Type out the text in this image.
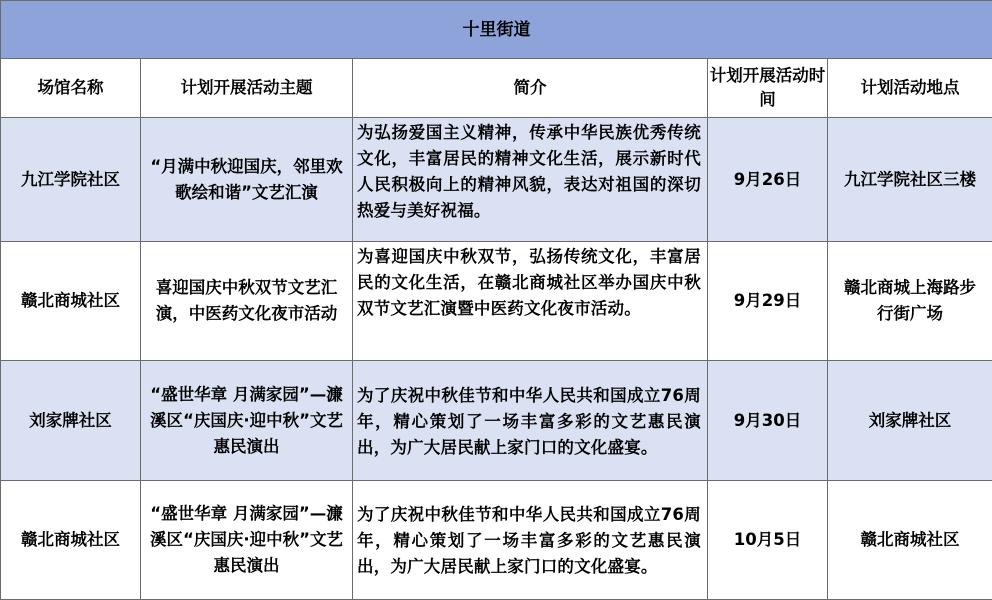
十里街道				
场馆名称	计划开展活动主题	简介	计划开展活动时间	计划活动地点
九江学院社区	“月满中秋迎国庆，邻里欢歌绘和谐”文艺汇演	为弘扬爱国主义精神，传承中华民族优秀传统文化，丰富居民的精神文化生活，展示新时代人民积极向上的精神风貌，表达对祖国的深切热爱与美好祝福。	9月26日	九江学院社区三楼
赣北商城社区	喜迎国庆中秋双节文艺汇演，中医药文化夜市活动	为喜迎国庆中秋双节，弘扬传统文化，丰富居民的文化生活，在赣北商城社区举办国庆中秋双节文艺汇演暨中医药文化夜市活动。	9月29日	赣北商城上海路步行街广场
刘家牌社区	“盛世华章 月满家园”—濂溪区“庆国庆·迎中秋”文艺惠民演出	为了庆祝中秋佳节和中华人民共和国成立76周年，精心策划了一场丰富多彩的文艺惠民演出，为广大居民献上家门口的文化盛宴。	9月30日	刘家牌社区
赣北商城社区	“盛世华章 月满家园”—濂溪区“庆国庆·迎中秋”文艺惠民演出	为了庆祝中秋佳节和中华人民共和国成立76周年，精心策划了一场丰富多彩的文艺惠民演出，为广大居民献上家门口的文化盛宴。	10月5日	赣北商城社区
